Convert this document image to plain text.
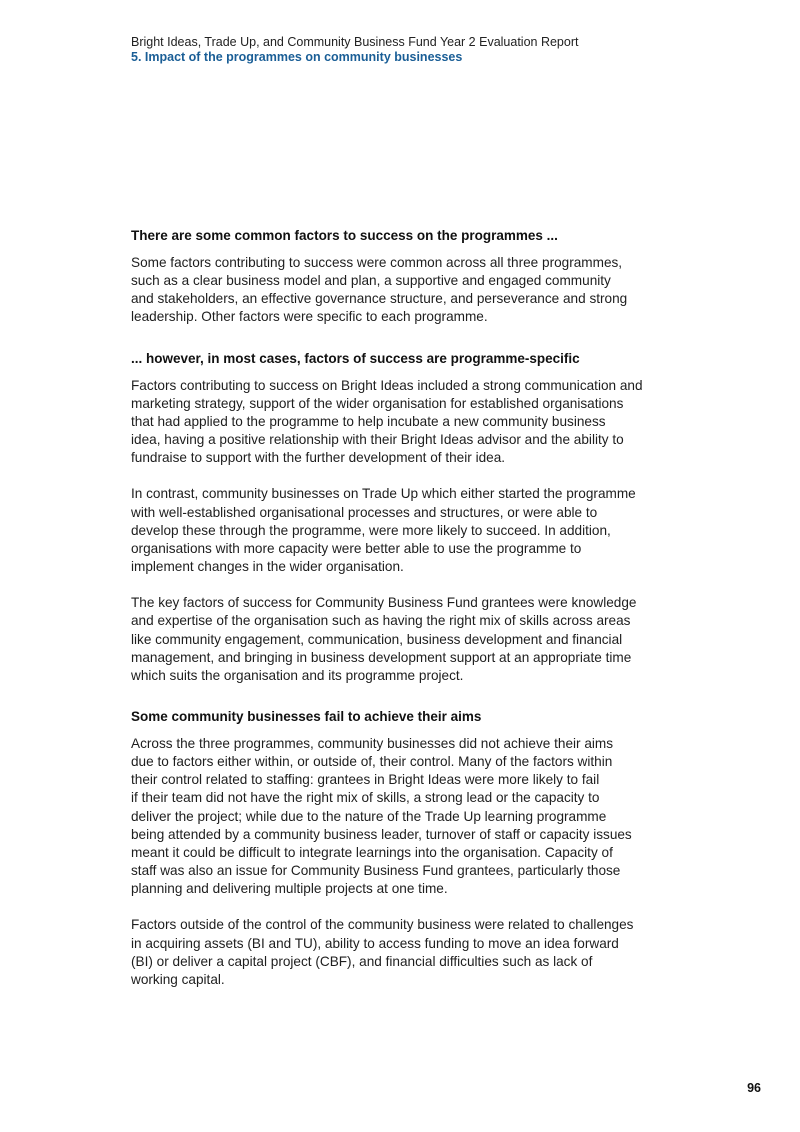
Bright Ideas, Trade Up, and Community Business Fund Year 2 Evaluation Report

5. Impact of the programmes on community businesses

There are some common factors to success on the programmes ...

Some factors contributing to success were common across all three programmes,
such as a clear business model and plan, a supportive and engaged community
and stakeholders, an effective governance structure, and perseverance and strong
leadership. Other factors were specific to each programme.

... however, in most cases, factors of success are programme-specific

Factors contributing to success on Bright Ideas included a strong communication and
marketing strategy, support of the wider organisation for established organisations
that had applied to the programme to help incubate a new community business
idea, having a positive relationship with their Bright Ideas advisor and the ability to
fundraise to support with the further development of their idea.

In contrast, community businesses on Trade Up which either started the programme
with well-established organisational processes and structures, or were able to
develop these through the programme, were more likely to succeed. In addition,
organisations with more capacity were better able to use the programme to
implement changes in the wider organisation.

The key factors of success for Community Business Fund grantees were knowledge
and expertise of the organisation such as having the right mix of skills across areas
like community engagement, communication, business development and financial
management, and bringing in business development support at an appropriate time
which suits the organisation and its programme project.

Some community businesses fail to achieve their aims

Across the three programmes, community businesses did not achieve their aims
due to factors either within, or outside of, their control. Many of the factors within
their control related to staffing: grantees in Bright Ideas were more likely to fail
if their team did not have the right mix of skills, a strong lead or the capacity to
deliver the project; while due to the nature of the Trade Up learning programme
being attended by a community business leader, turnover of staff or capacity issues
meant it could be difficult to integrate learnings into the organisation. Capacity of
staff was also an issue for Community Business Fund grantees, particularly those
planning and delivering multiple projects at one time.

Factors outside of the control of the community business were related to challenges
in acquiring assets (BI and TU), ability to access funding to move an idea forward
(BI) or deliver a capital project (CBF), and financial difficulties such as lack of
working capital.

96
